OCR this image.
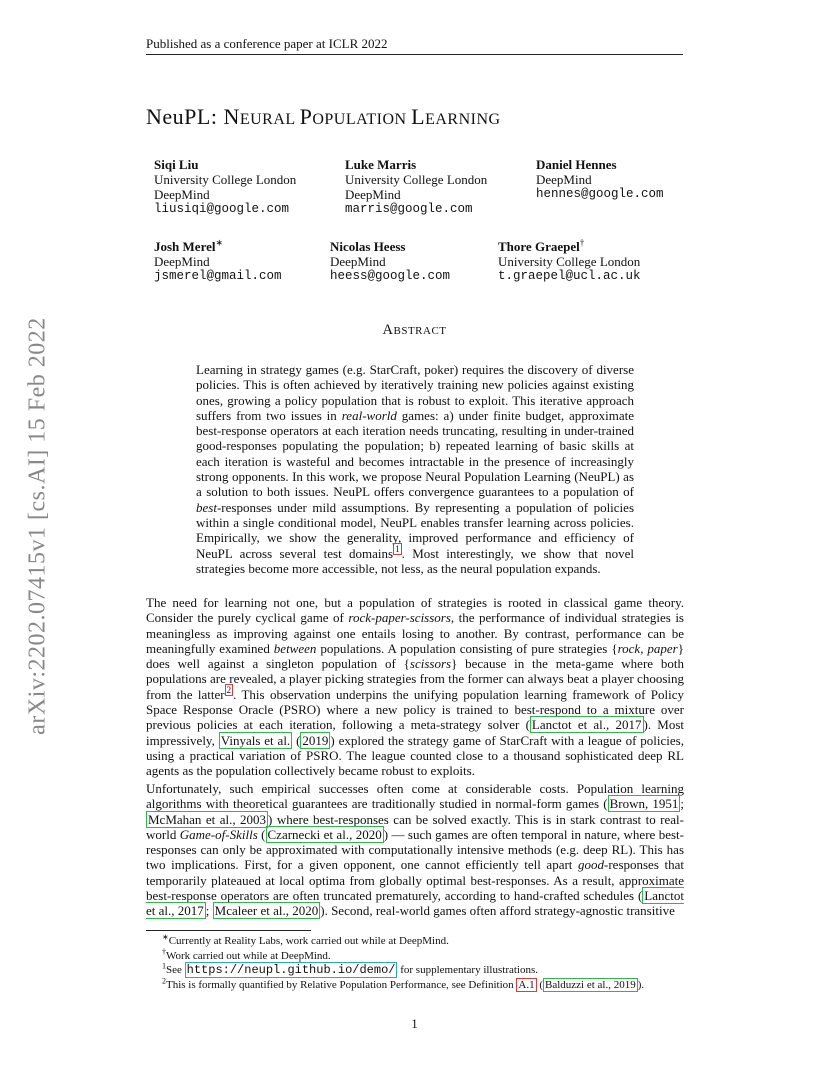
Published as a conference paper at ICLR 2022
NeuPL: NEURAL POPULATION LEARNING
Siqi Liu
University College London
DeepMind
liusiqi@google.com
Luke Marris
University College London
DeepMind
marris@google.com
Daniel Hennes
DeepMind
hennes@google.com
Josh Merel∗
DeepMind
jsmerel@gmail.com
Nicolas Heess
DeepMind
heess@google.com
Thore Graepel†
University College London
t.graepel@ucl.ac.uk
arXiv:2202.07415v1 [cs.AI] 15 Feb 2022	ABSTRACT
Learning in strategy games (e.g. StarCraft, poker) requires the discovery of diverse policies. This is often achieved by iteratively training new policies against existing ones, growing a policy population that is robust to exploit. This iterative approach suffers from two issues in real-world games: a) under finite budget, approximate best-response operators at each iteration needs truncating, resulting in under-trained good-responses populating the population; b) repeated learning of basic skills at each iteration is wasteful and becomes intractable in the presence of increasingly strong opponents. In this work, we propose Neural Population Learning (NeuPL) as a solution to both issues. NeuPL offers convergence guarantees to a population of best-responses under mild assumptions. By representing a population of policies within a single conditional model, NeuPL enables transfer learning across policies. Empirically, we show the generality, improved performance and efficiency of NeuPL across several test domains $^1$ . Most interestingly, we show that novel strategies become more accessible, not less, as the neural population expands.
The need for learning not one, but a population of strategies is rooted in classical game theory. Consider the purely cyclical game of rock-paper-scissors, the performance of individual strategies is meaningless as improving against one entails losing to another. By contrast, performance can be meaningfully examined between populations. A population consisting of pure strategies {rock, paper} does well against a singleton population of {scissors} because in the meta-game where both populations are revealed, a player picking strategies from the former can always beat a player choosing from the latter $^2$ . This observation underpins the unifying population learning framework of Policy Space Response Oracle (PSRO) where a new policy is trained to best-respond to a mixture over previous policies at each iteration, following a meta-strategy solver ( Lanctot et al., 2017 ). Most impressively, Vinyals et al. ( 2019 ) explored the strategy game of StarCraft with a league of policies, using a practical variation of PSRO. The league counted close to a thousand sophisticated deep RL agents as the population collectively became robust to exploits.
Unfortunately, such empirical successes often come at considerable costs. Population learning algorithms with theoretical guarantees are traditionally studied in normal-form games ( Brown, 1951 ; McMahan et al., 2003 ) where best-responses can be solved exactly. This is in stark contrast to real-world Game-of-Skills ( Czarnecki et al., 2020 ) — such games are often temporal in nature, where best-responses can only be approximated with computationally intensive methods (e.g. deep RL). This has two implications. First, for a given opponent, one cannot efficiently tell apart good-responses that temporarily plateaued at local optima from globally optimal best-responses. As a result, approximate best-response operators are often truncated prematurely, according to hand-crafted schedules ( Lanctot et al., 2017 ; Mcaleer et al., 2020 ). Second, real-world games often afford strategy-agnostic transitive
∗Currently at Reality Labs, work carried out while at DeepMind.
†Work carried out while at DeepMind.
$^1$See https://neupl.github.io/demo/ for supplementary illustrations.
$^2$This is formally quantified by Relative Population Performance, see Definition A.1 ( Balduzzi et al., 2019 ).
1
